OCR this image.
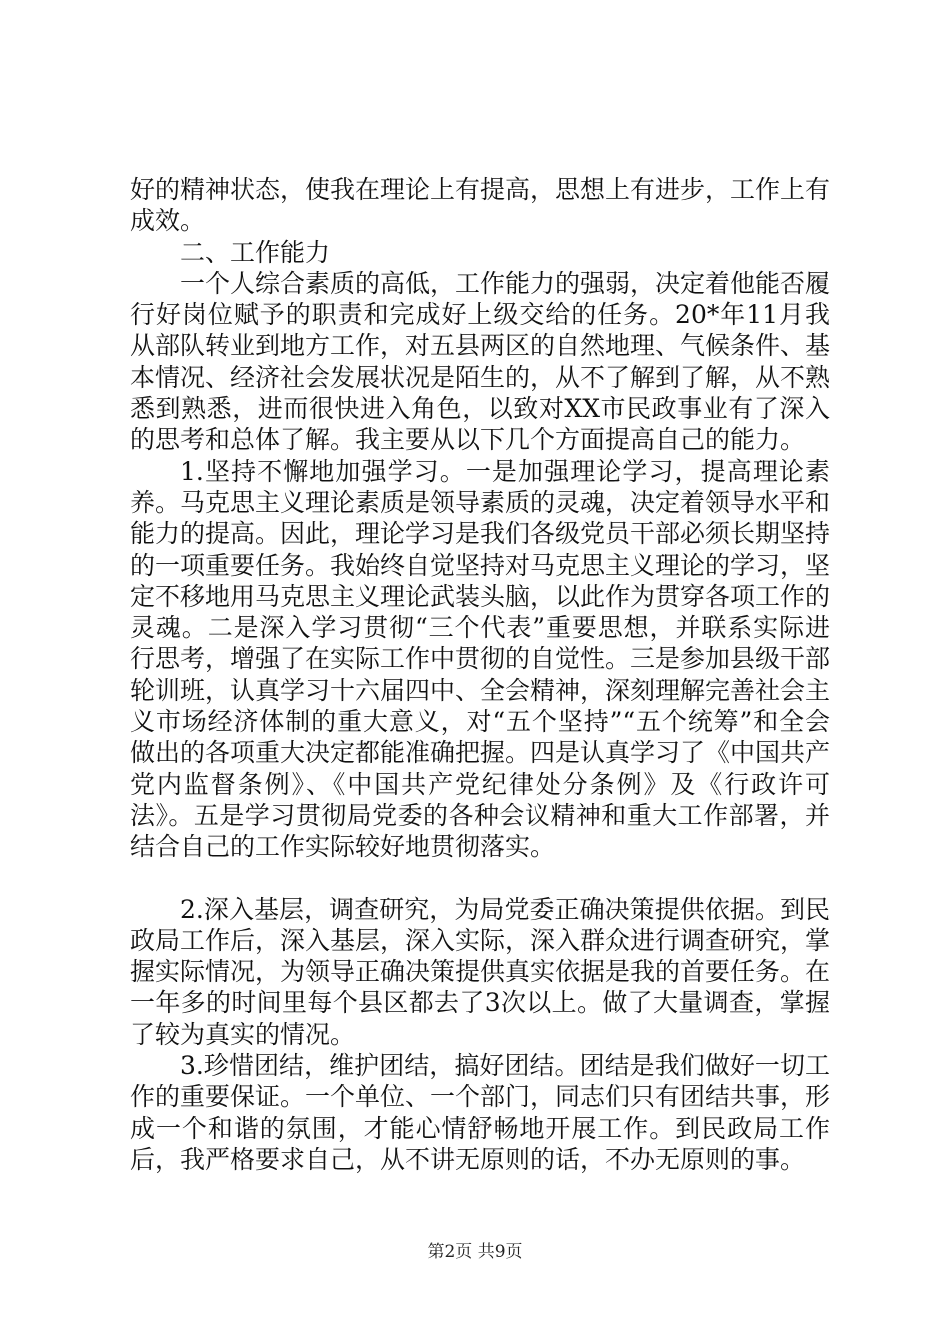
好的精神状态，使我在理论上有提高，思想上有进步，工作上有成效。

二、工作能力

一个人综合素质的高低，工作能力的强弱，决定着他能否履行好岗位赋予的职责和完成好上级交给的任务。20*年11月我从部队转业到地方工作，对五县两区的自然地理、气候条件、基本情况、经济社会发展状况是陌生的，从不了解到了解，从不熟悉到熟悉，进而很快进入角色，以致对XX市民政事业有了深入的思考和总体了解。我主要从以下几个方面提高自己的能力。

1.坚持不懈地加强学习。一是加强理论学习，提高理论素养。马克思主义理论素质是领导素质的灵魂，决定着领导水平和能力的提高。因此，理论学习是我们各级党员干部必须长期坚持的一项重要任务。我始终自觉坚持对马克思主义理论的学习，坚定不移地用马克思主义理论武装头脑，以此作为贯穿各项工作的灵魂。二是深入学习贯彻“三个代表”重要思想，并联系实际进行思考，增强了在实际工作中贯彻的自觉性。三是参加县级干部轮训班，认真学习十六届四中、全会精神，深刻理解完善社会主义市场经济体制的重大意义，对“五个坚持”“五个统筹”和全会做出的各项重大决定都能准确把握。四是认真学习了《中国共产党内监督条例》、《中国共产党纪律处分条例》及《行政许可法》。五是学习贯彻局党委的各种会议精神和重大工作部署，并结合自己的工作实际较好地贯彻落实。

2.深入基层，调查研究，为局党委正确决策提供依据。到民政局工作后，深入基层，深入实际，深入群众进行调查研究，掌握实际情况，为领导正确决策提供真实依据是我的首要任务。在一年多的时间里每个县区都去了3次以上。做了大量调查，掌握了较为真实的情况。

3.珍惜团结，维护团结，搞好团结。团结是我们做好一切工作的重要保证。一个单位、一个部门，同志们只有团结共事，形成一个和谐的氛围，才能心情舒畅地开展工作。到民政局工作后，我严格要求自己，从不讲无原则的话，不办无原则的事。

第2页 共9页
